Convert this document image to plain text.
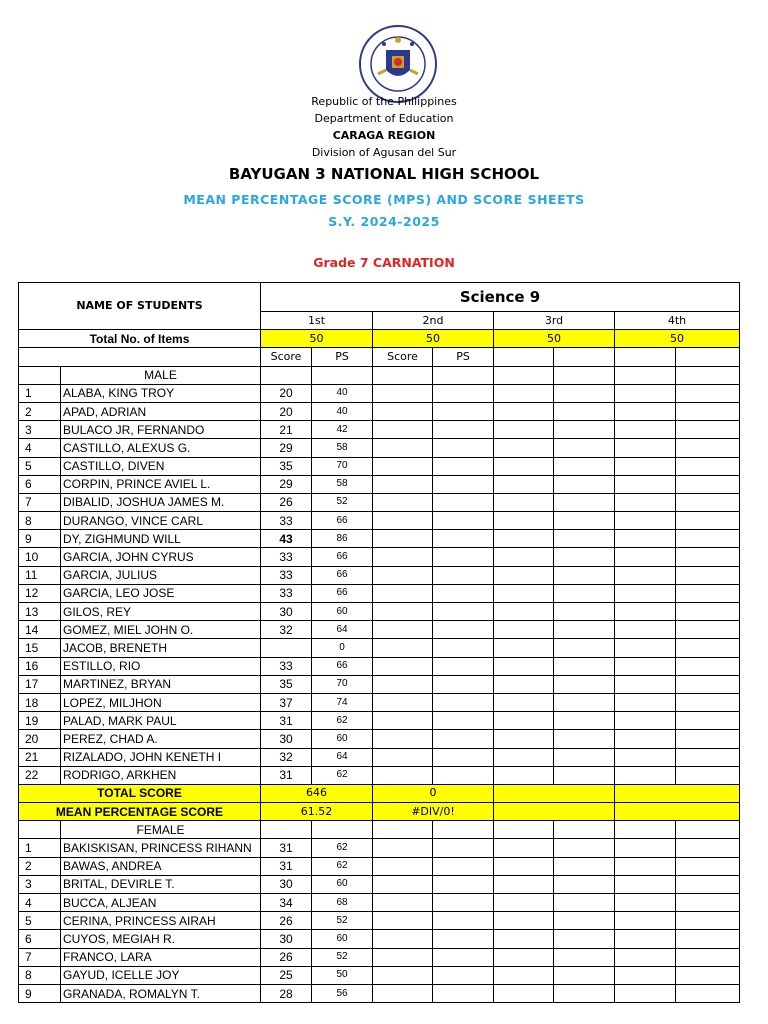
Republic of the Philippines
Department of Education
CARAGA REGION
Division of Agusan del Sur
BAYUGAN 3 NATIONAL HIGH SCHOOL
MEAN PERCENTAGE SCORE (MPS) AND SCORE SHEETS
S.Y. 2024-2025
Grade 7 CARNATION
NAME OF STUDENTS		Science 9							
		1st		2nd		3rd		4th	
Total No. of Items		50		50		50		50	
		Score	PS	Score	PS				
	MALE								
1	ALABA, KING TROY	20	40						
2	APAD, ADRIAN	20	40						
3	BULACO JR, FERNANDO	21	42						
4	CASTILLO, ALEXUS G.	29	58						
5	CASTILLO, DIVEN	35	70						
6	CORPIN, PRINCE AVIEL L.	29	58						
7	DIBALID, JOSHUA JAMES M.	26	52						
8	DURANGO, VINCE CARL	33	66						
9	DY, ZIGHMUND WILL	43	86						
10	GARCIA, JOHN CYRUS	33	66						
11	GARCIA, JULIUS	33	66						
12	GARCIA, LEO JOSE	33	66						
13	GILOS, REY	30	60						
14	GOMEZ, MIEL JOHN O.	32	64						
15	JACOB, BRENETH		0						
16	ESTILLO, RIO	33	66						
17	MARTINEZ, BRYAN	35	70						
18	LOPEZ, MILJHON	37	74						
19	PALAD, MARK PAUL	31	62						
20	PEREZ, CHAD A.	30	60						
21	RIZALADO, JOHN KENETH I	32	64						
22	RODRIGO, ARKHEN	31	62						
TOTAL SCORE		646		0					
MEAN PERCENTAGE SCORE		61.52		#DIV/0!					
	FEMALE								
1	BAKISKISAN, PRINCESS RIHANN	31	62						
2	BAWAS, ANDREA	31	62						
3	BRITAL, DEVIRLE T.	30	60						
4	BUCCA, ALJEAN	34	68						
5	CERINA, PRINCESS AIRAH	26	52						
6	CUYOS, MEGIAH R.	30	60						
7	FRANCO, LARA	26	52						
8	GAYUD, ICELLE JOY	25	50						
9	GRANADA, ROMALYN T.	28	56						
